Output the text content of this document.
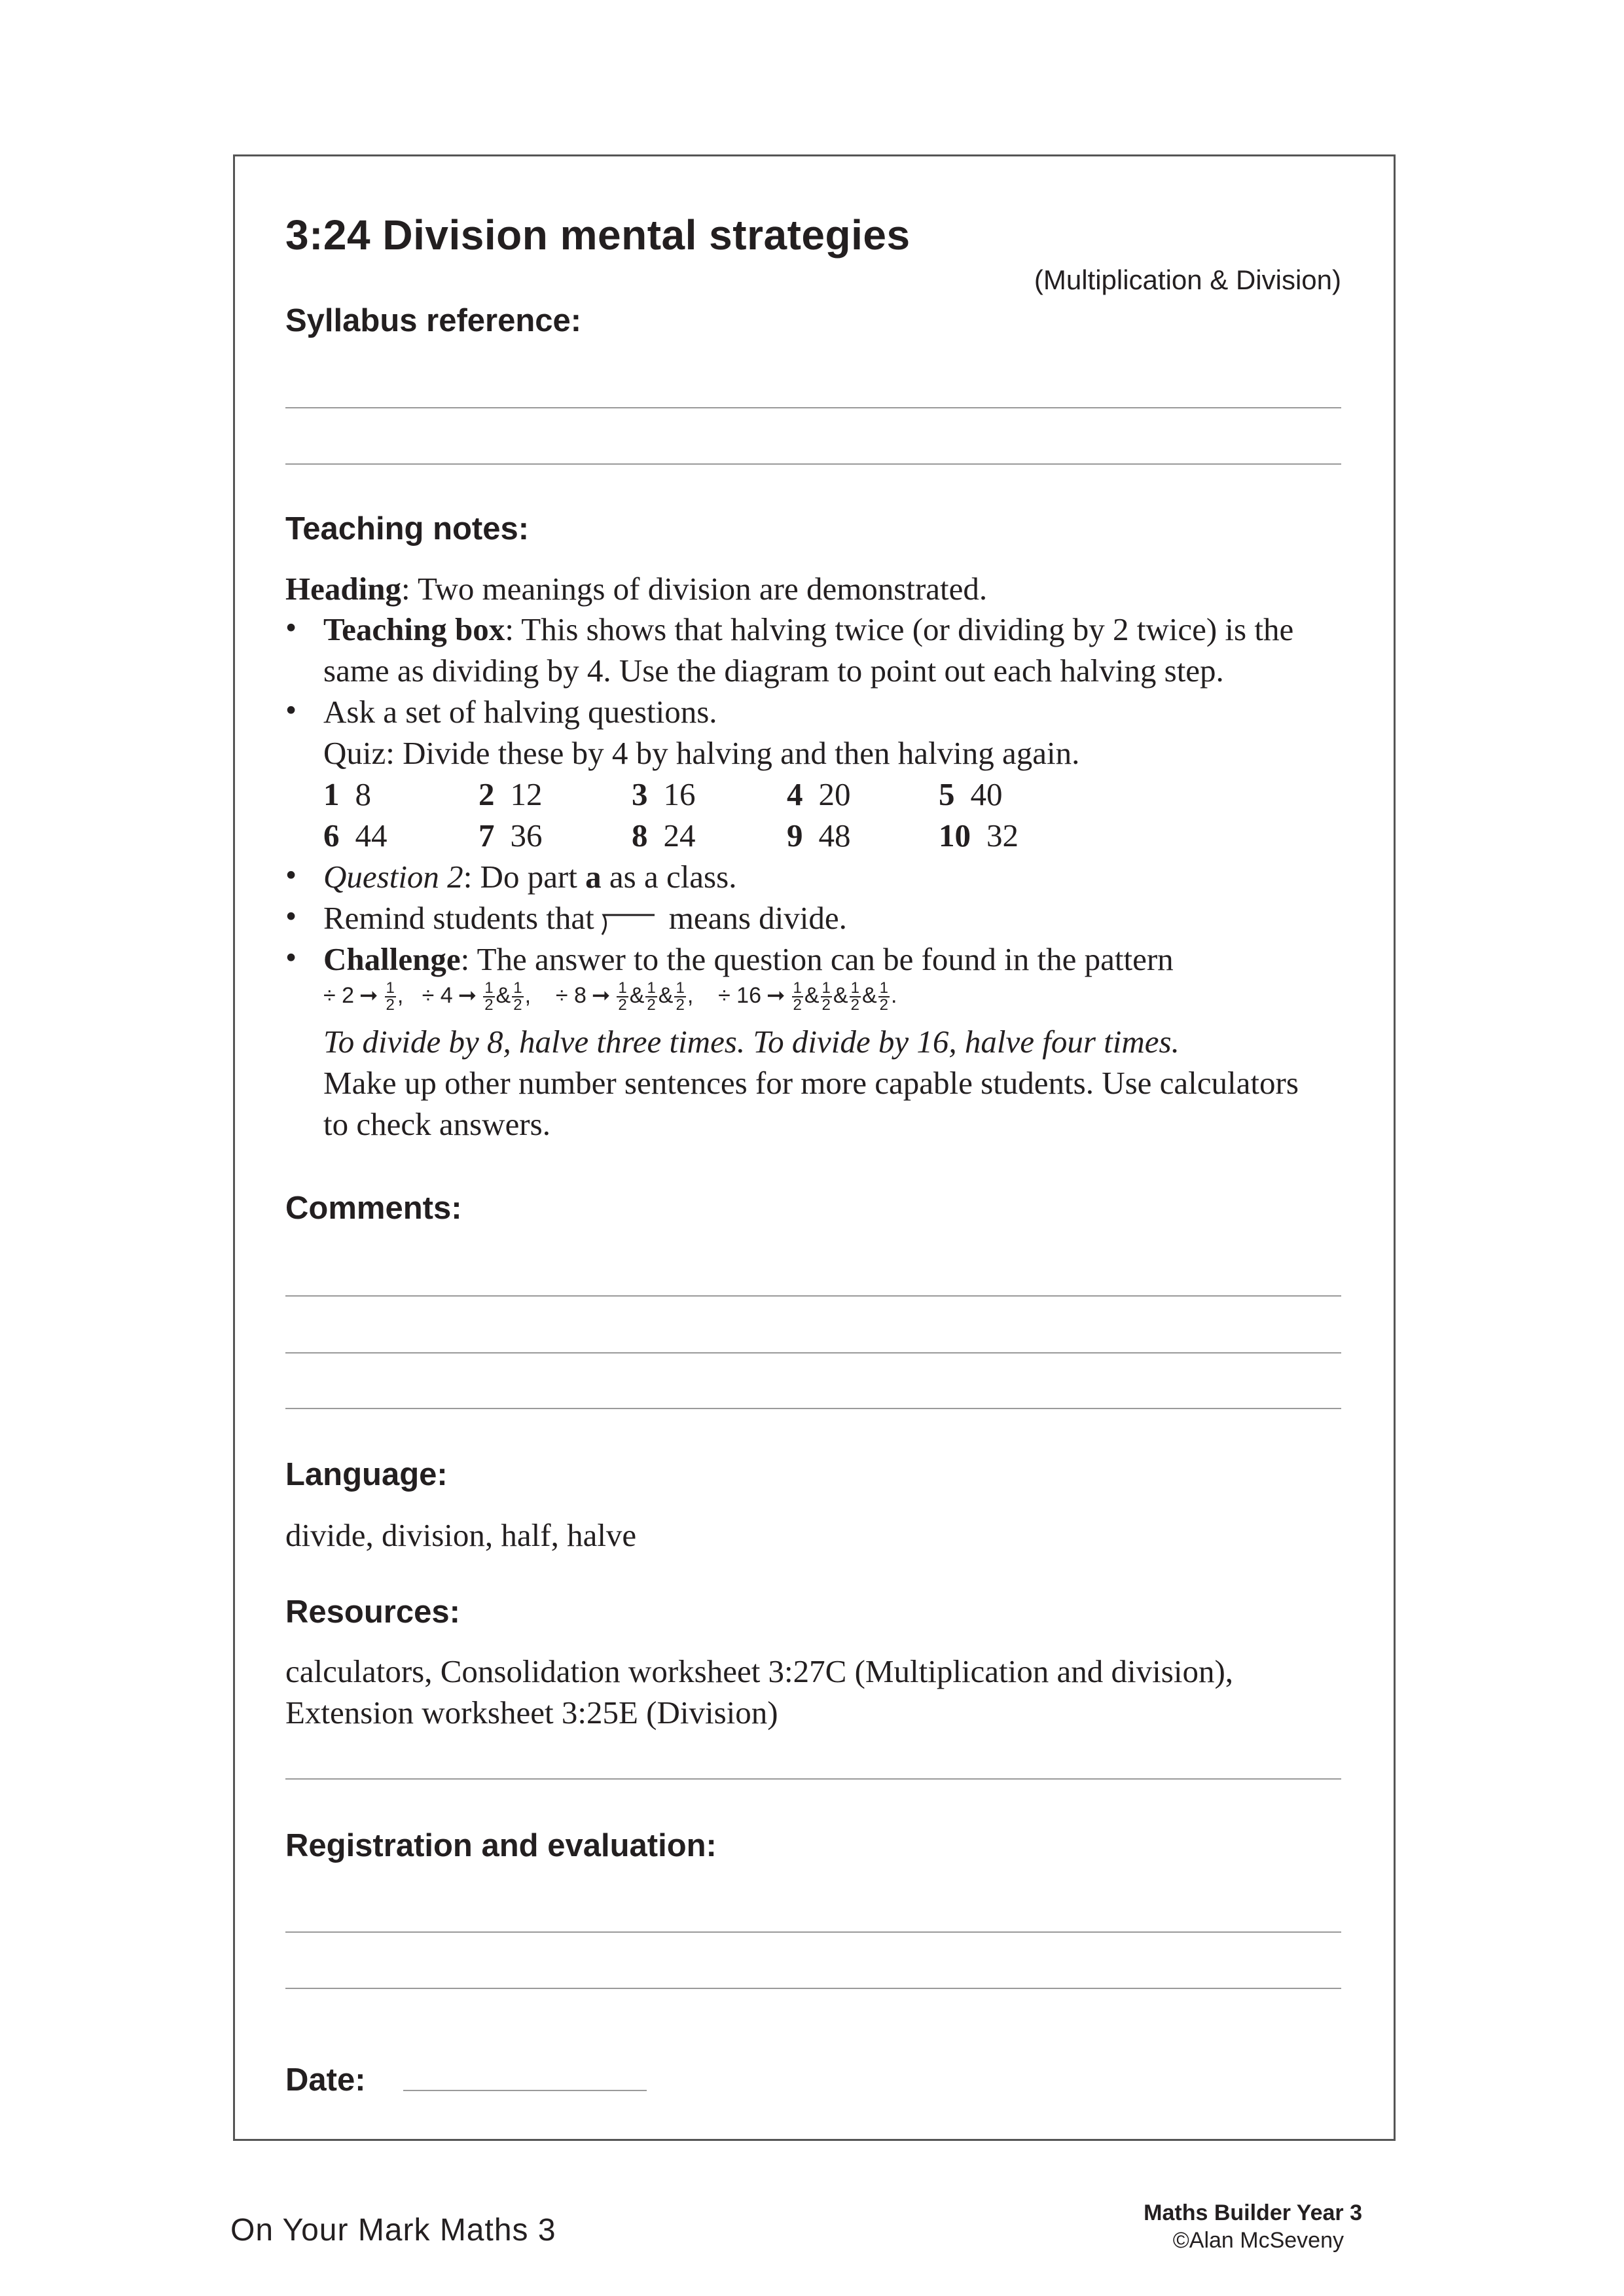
3:24 Division mental strategies
(Multiplication & Division)
Syllabus reference:
Teaching notes:
Heading: Two meanings of division are demonstrated.
• Teaching box: This shows that halving twice (or dividing by 2 twice) is the
same as dividing by 4. Use the diagram to point out each halving step.
• Ask a set of halving questions.
Quiz: Divide these by 4 by halving and then halving again.
1 8	2 12	3 16	4 20	5 40
6 44	7 36	8 24	9 48	10 32
• Question 2: Do part a as a class.
• Remind students that means divide.
• Challenge: The answer to the question can be found in the pattern
÷ 2 ➞ $\frac{1}{2}$ , ÷ 4 ➞ $\frac{1}{2}$ & $\frac{1}{2}$ , ÷ 8 ➞ $\frac{1}{2}$ & $\frac{1}{2}$ & $\frac{1}{2}$ , ÷ 16 ➞ $\frac{1}{2}$ & $\frac{1}{2}$ & $\frac{1}{2}$ & $\frac{1}{2}$ .
To divide by 8, halve three times. To divide by 16, halve four times.
Make up other number sentences for more capable students. Use calculators
to check answers.
Comments:
Language:
divide, division, half, halve
Resources:
calculators, Consolidation worksheet 3:27C (Multiplication and division),
Extension worksheet 3:25E (Division)
Registration and evaluation:
Date:
On Your Mark Maths 3	Maths Builder Year 3
©Alan McSeveny
